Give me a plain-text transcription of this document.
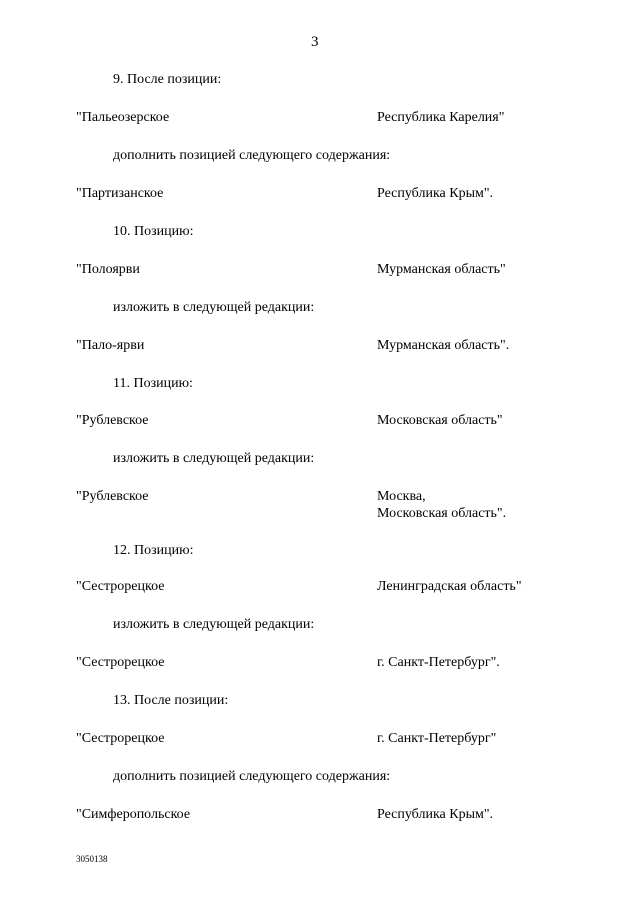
3
9. После позиции:
"Пальеозерское	Республика Карелия"
дополнить позицией следующего содержания:
"Партизанское	Республика Крым".
10. Позицию:
"Полоярви	Мурманская область"
изложить в следующей редакции:
"Пало-ярви	Мурманская область".
11. Позицию:
"Рублевское	Московская область"
изложить в следующей редакции:
"Рублевское	Москва,
Московская область".
12. Позицию:
"Сестрорецкое	Ленинградская область"
изложить в следующей редакции:
"Сестрорецкое	г. Санкт-Петербург".
13. После позиции:
"Сестрорецкое	г. Санкт-Петербург"
дополнить позицией следующего содержания:
"Симферопольское	Республика Крым".
3050138
